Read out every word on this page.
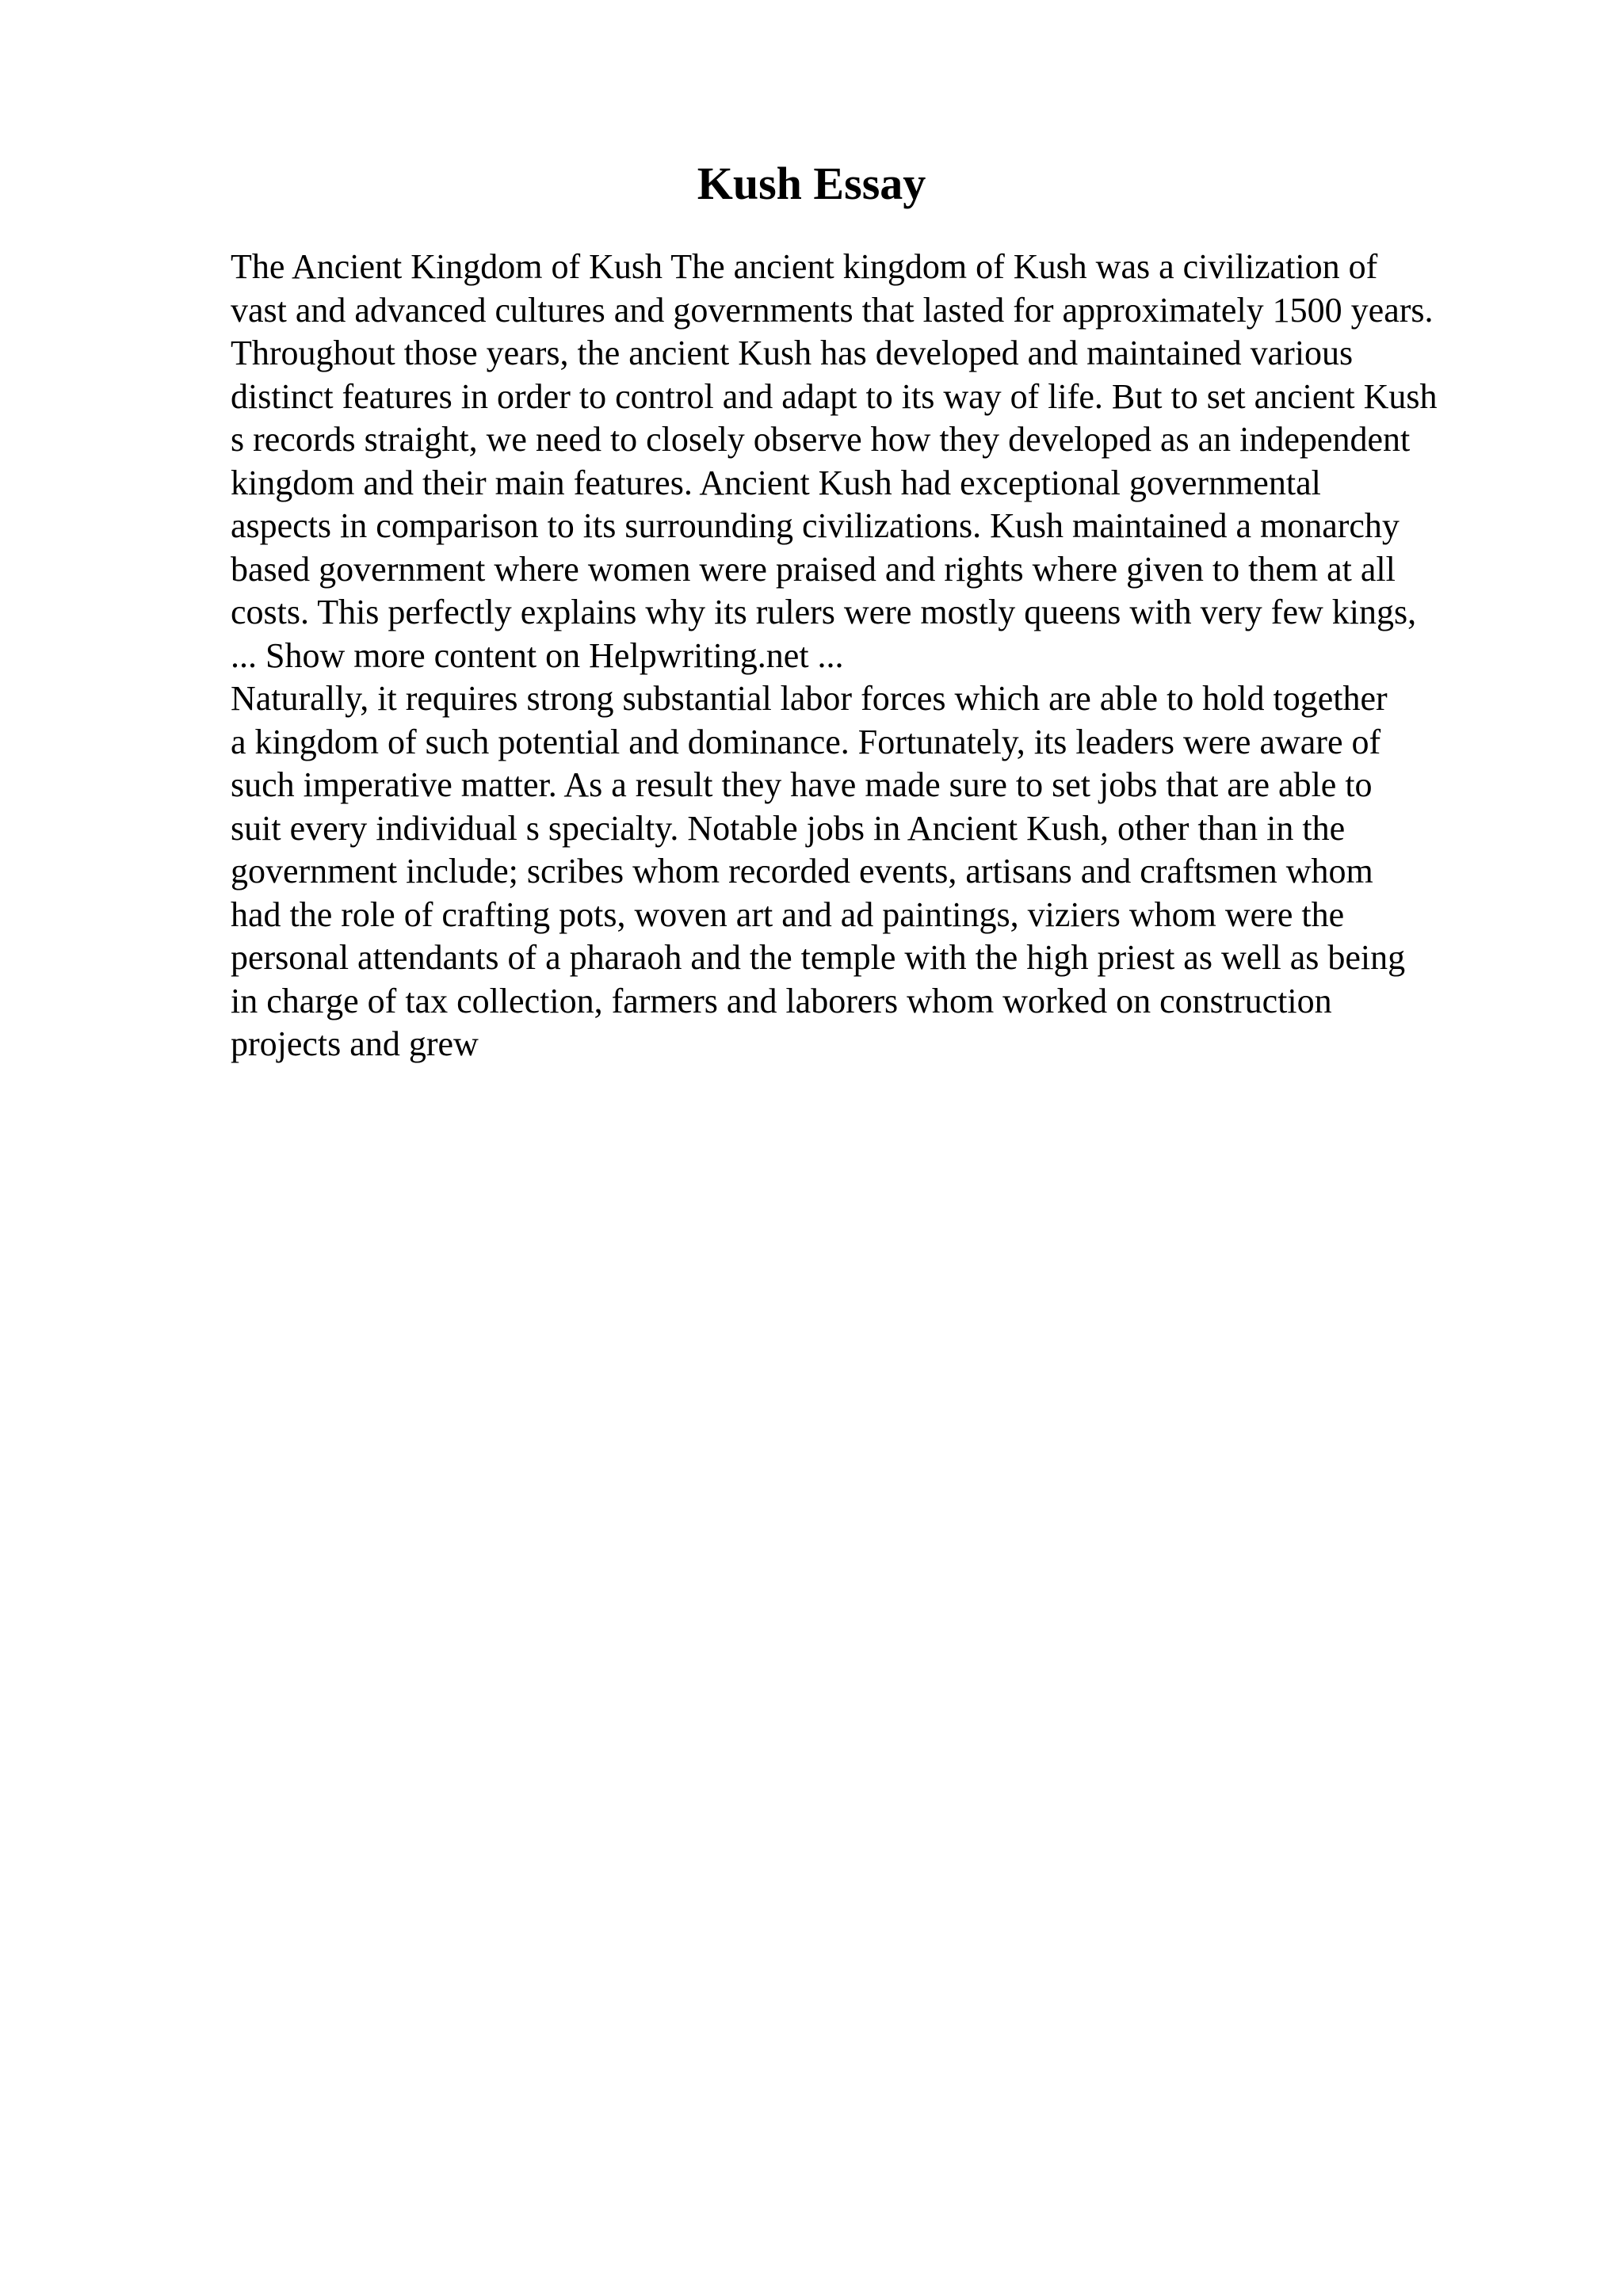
Kush Essay

The Ancient Kingdom of Kush The ancient kingdom of Kush was a civilization of

vast and advanced cultures and governments that lasted for approximately 1500 years.

Throughout those years, the ancient Kush has developed and maintained various

distinct features in order to control and adapt to its way of life. But to set ancient Kush

s records straight, we need to closely observe how they developed as an independent

kingdom and their main features. Ancient Kush had exceptional governmental

aspects in comparison to its surrounding civilizations. Kush maintained a monarchy

based government where women were praised and rights where given to them at all

costs. This perfectly explains why its rulers were mostly queens with very few kings,

... Show more content on Helpwriting.net ...

Naturally, it requires strong substantial labor forces which are able to hold together

a kingdom of such potential and dominance. Fortunately, its leaders were aware of

such imperative matter. As a result they have made sure to set jobs that are able to

suit every individual s specialty. Notable jobs in Ancient Kush, other than in the

government include; scribes whom recorded events, artisans and craftsmen whom

had the role of crafting pots, woven art and ad paintings, viziers whom were the

personal attendants of a pharaoh and the temple with the high priest as well as being

in charge of tax collection, farmers and laborers whom worked on construction

projects and grew
